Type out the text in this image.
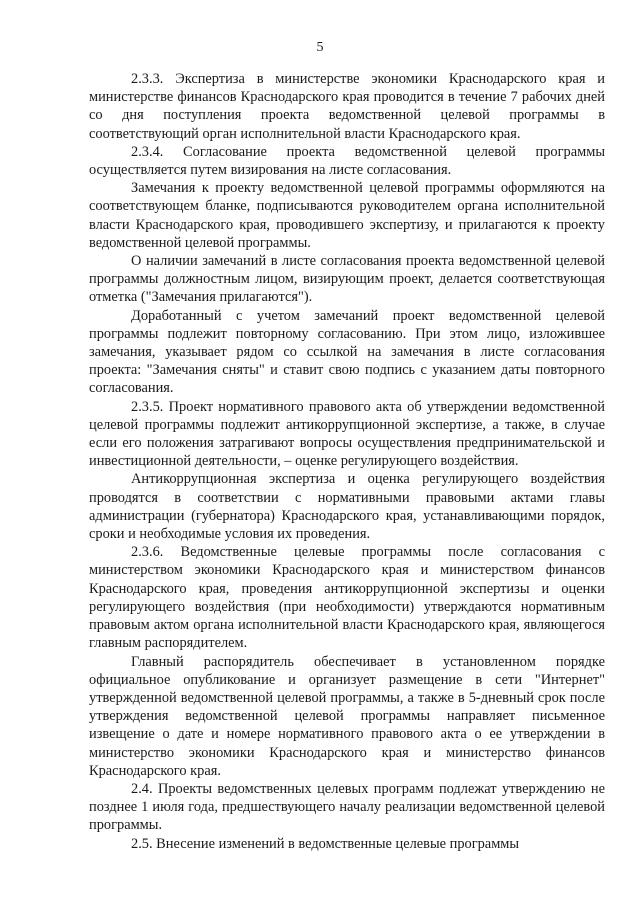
5

2.3.3. Экспертиза в министерстве экономики Краснодарского края и министерстве финансов Краснодарского края проводится в течение 7 рабочих дней со дня поступления проекта ведомственной целевой программы в соответствующий орган исполнительной власти Краснодарского края.

2.3.4. Согласование проекта ведомственной целевой программы осуществляется путем визирования на листе согласования.

Замечания к проекту ведомственной целевой программы оформляются на соответствующем бланке, подписываются руководителем органа исполнительной власти Краснодарского края, проводившего экспертизу, и прилагаются к проекту ведомственной целевой программы.

О наличии замечаний в листе согласования проекта ведомственной целевой программы должностным лицом, визирующим проект, делается соответствующая отметка ("Замечания прилагаются").

Доработанный с учетом замечаний проект ведомственной целевой программы подлежит повторному согласованию. При этом лицо, изложившее замечания, указывает рядом со ссылкой на замечания в листе согласования проекта: "Замечания сняты" и ставит свою подпись с указанием даты повторного согласования.

2.3.5. Проект нормативного правового акта об утверждении ведомственной целевой программы подлежит антикоррупционной экспертизе, а также, в случае если его положения затрагивают вопросы осуществления предпринимательской и инвестиционной деятельности, – оценке регулирующего воздействия.

Антикоррупционная экспертиза и оценка регулирующего воздействия проводятся в соответствии с нормативными правовыми актами главы администрации (губернатора) Краснодарского края, устанавливающими порядок, сроки и необходимые условия их проведения.

2.3.6. Ведомственные целевые программы после согласования с министерством экономики Краснодарского края и министерством финансов Краснодарского края, проведения антикоррупционной экспертизы и оценки регулирующего воздействия (при необходимости) утверждаются нормативным правовым актом органа исполнительной власти Краснодарского края, являющегося главным распорядителем.

Главный распорядитель обеспечивает в установленном порядке официальное опубликование и организует размещение в сети "Интернет" утвержденной ведомственной целевой программы, а также в 5-дневный срок после утверждения ведомственной целевой программы направляет письменное извещение о дате и номере нормативного правового акта о ее утверждении в министерство экономики Краснодарского края и министерство финансов Краснодарского края.

2.4. Проекты ведомственных целевых программ подлежат утверждению не позднее 1 июля года, предшествующего началу реализации ведомственной целевой программы.

2.5. Внесение изменений в ведомственные целевые программы
